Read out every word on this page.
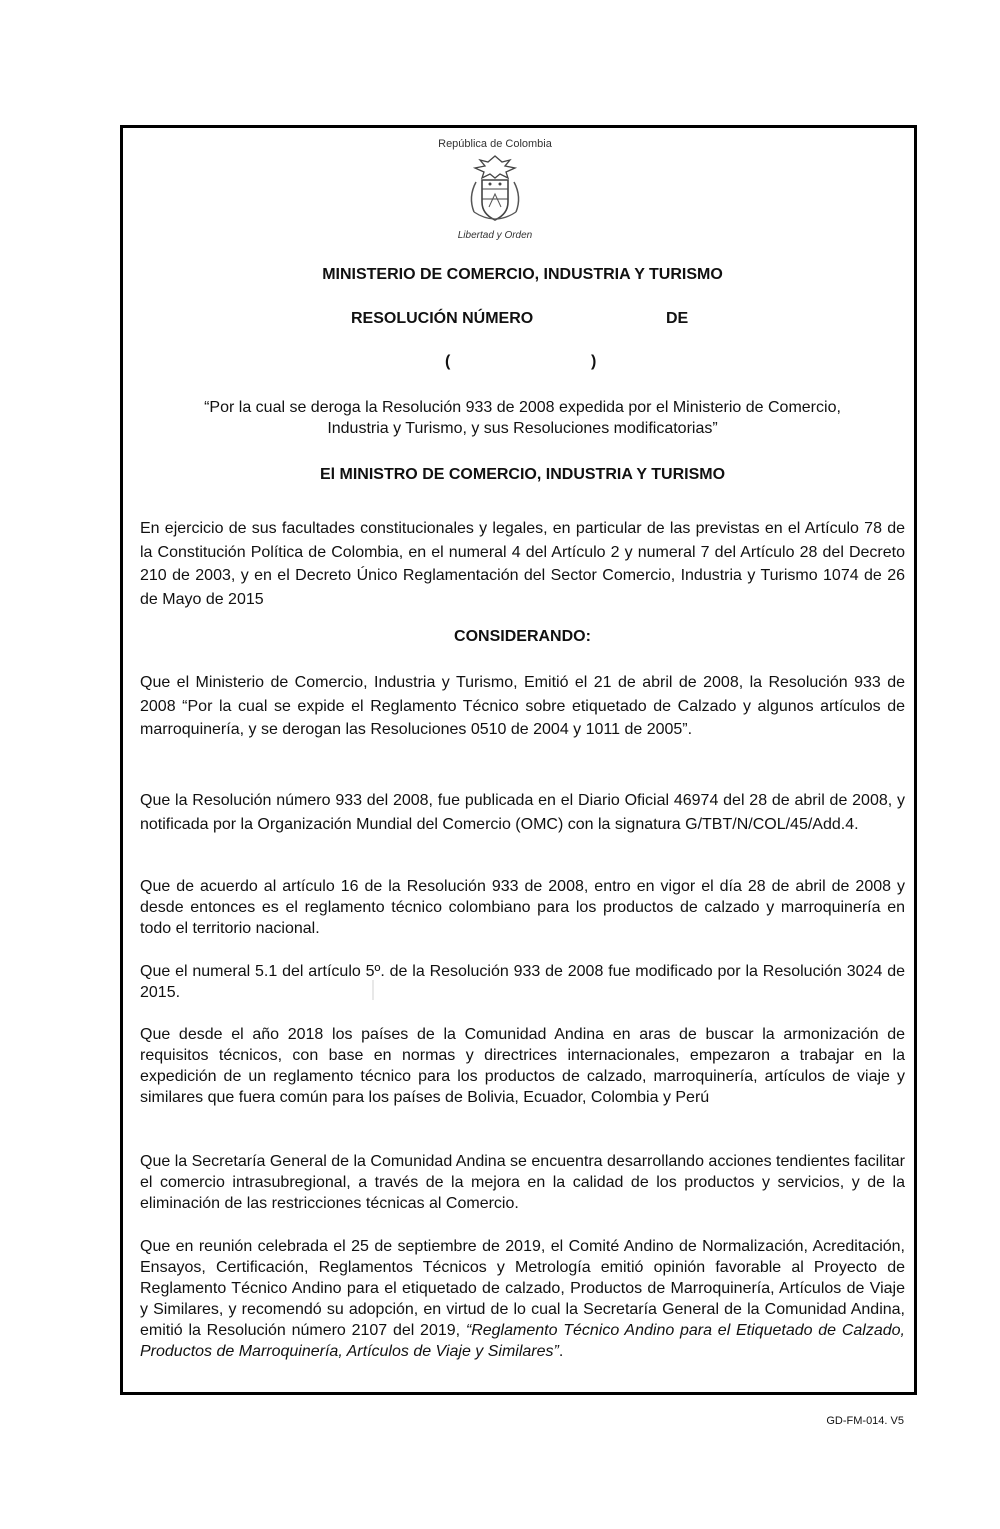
República de Colombia
Libertad y Orden
MINISTERIO DE COMERCIO, INDUSTRIA Y TURISMO
RESOLUCIÓN NÚMERO	DE
(	)
“Por la cual se deroga la Resolución 933 de 2008 expedida por el Ministerio de Comercio,
Industria y Turismo, y sus Resoluciones modificatorias”
El MINISTRO DE COMERCIO, INDUSTRIA Y TURISMO

En ejercicio de sus facultades constitucionales y legales, en particular de las previstas en el Artículo 78 de la Constitución Política de Colombia, en el numeral 4 del Artículo 2 y numeral 7 del Artículo 28 del Decreto 210 de 2003, y en el Decreto Único Reglamentación del Sector Comercio, Industria y Turismo 1074 de 26 de Mayo de 2015

CONSIDERANDO:

Que el Ministerio de Comercio, Industria y Turismo, Emitió el 21 de abril de 2008, la Resolución 933 de 2008 “Por la cual se expide el Reglamento Técnico sobre etiquetado de Calzado y algunos artículos de marroquinería, y se derogan las Resoluciones 0510 de 2004 y 1011 de 2005”.

Que la Resolución número 933 del 2008, fue publicada en el Diario Oficial 46974 del 28 de abril de 2008, y notificada por la Organización Mundial del Comercio (OMC) con la signatura G/TBT/N/COL/45/Add.4.

Que de acuerdo al artículo 16 de la Resolución 933 de 2008, entro en vigor el día 28 de abril de 2008 y desde entonces es el reglamento técnico colombiano para los productos de calzado y marroquinería en todo el territorio nacional.

Que el numeral 5.1 del artículo 5º. de la Resolución 933 de 2008 fue modificado por la Resolución 3024 de 2015.

Que desde el año 2018 los países de la Comunidad Andina en aras de buscar la armonización de requisitos técnicos, con base en normas y directrices internacionales, empezaron a trabajar en la expedición de un reglamento técnico para los productos de calzado, marroquinería, artículos de viaje y similares que fuera común para los países de Bolivia, Ecuador, Colombia y Perú

Que la Secretaría General de la Comunidad Andina se encuentra desarrollando acciones tendientes facilitar el comercio intrasubregional, a través de la mejora en la calidad de los productos y servicios, y de la eliminación de las restricciones técnicas al Comercio.

Que en reunión celebrada el 25 de septiembre de 2019, el Comité Andino de Normalización, Acreditación, Ensayos, Certificación, Reglamentos Técnicos y Metrología emitió opinión favorable al Proyecto de Reglamento Técnico Andino para el etiquetado de calzado, Productos de Marroquinería, Artículos de Viaje y Similares, y recomendó su adopción, en virtud de lo cual la Secretaría General de la Comunidad Andina, emitió la Resolución número 2107 del 2019, “Reglamento Técnico Andino para el Etiquetado de Calzado, Productos de Marroquinería, Artículos de Viaje y Similares”.

GD-FM-014. V5
